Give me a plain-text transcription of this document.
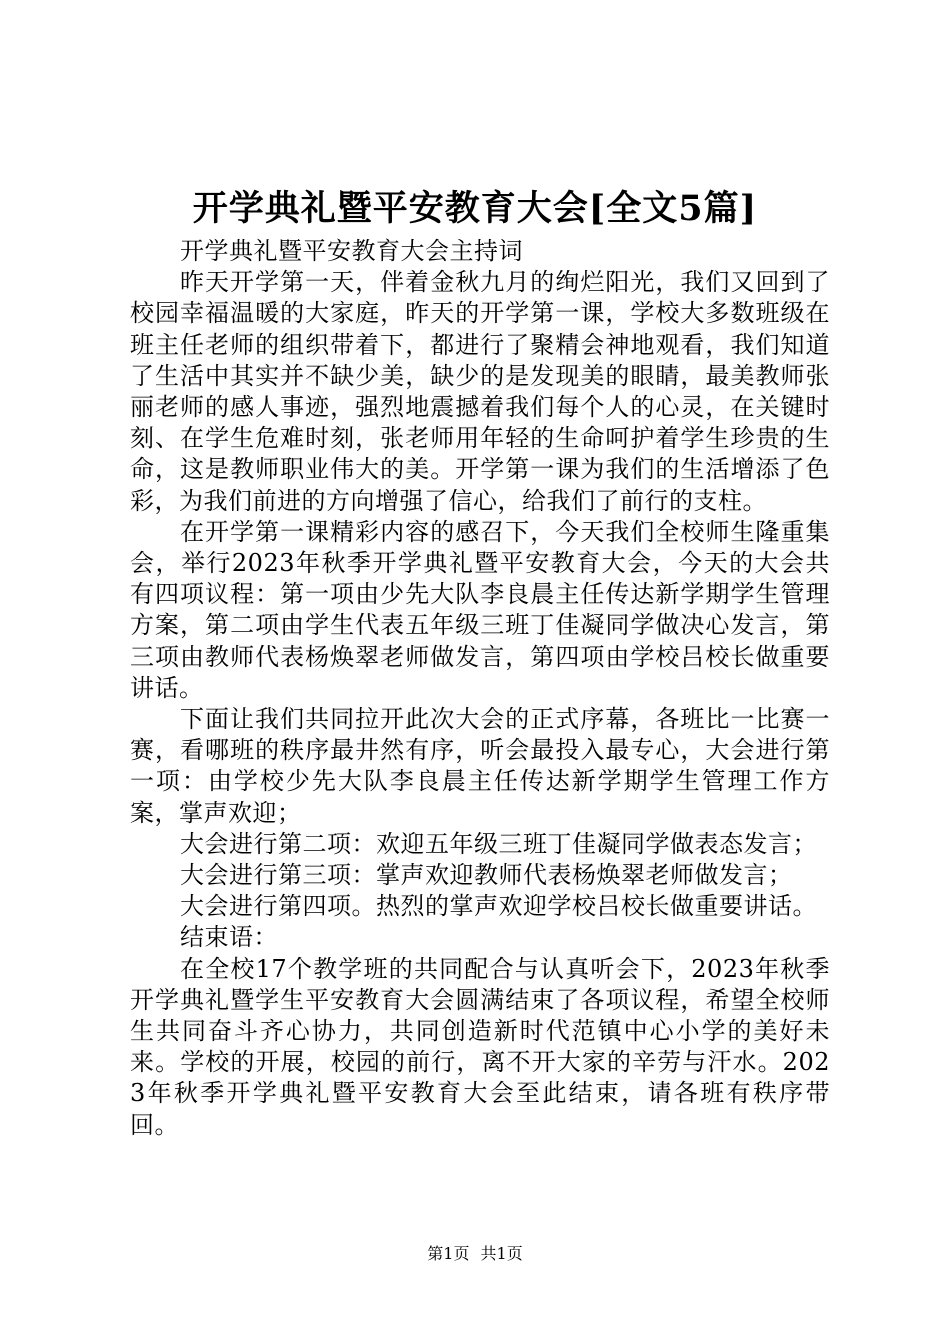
开学典礼暨平安教育大会[全文5篇]

开学典礼暨平安教育大会主持词

昨天开学第一天，伴着金秋九月的绚烂阳光，我们又回到了校园幸福温暖的大家庭，昨天的开学第一课，学校大多数班级在班主任老师的组织带着下，都进行了聚精会神地观看，我们知道了生活中其实并不缺少美，缺少的是发现美的眼睛，最美教师张丽老师的感人事迹，强烈地震撼着我们每个人的心灵，在关键时刻、在学生危难时刻，张老师用年轻的生命呵护着学生珍贵的生命，这是教师职业伟大的美。开学第一课为我们的生活增添了色彩，为我们前进的方向增强了信心，给我们了前行的支柱。

在开学第一课精彩内容的感召下，今天我们全校师生隆重集会，举行2023年秋季开学典礼暨平安教育大会，今天的大会共有四项议程：第一项由少先大队李良晨主任传达新学期学生管理方案，第二项由学生代表五年级三班丁佳凝同学做决心发言，第三项由教师代表杨焕翠老师做发言，第四项由学校吕校长做重要讲话。

下面让我们共同拉开此次大会的正式序幕，各班比一比赛一赛，看哪班的秩序最井然有序，听会最投入最专心，大会进行第一项：由学校少先大队李良晨主任传达新学期学生管理工作方案，掌声欢迎；

大会进行第二项：欢迎五年级三班丁佳凝同学做表态发言；

大会进行第三项：掌声欢迎教师代表杨焕翠老师做发言；

大会进行第四项。热烈的掌声欢迎学校吕校长做重要讲话。

结束语：

在全校17个教学班的共同配合与认真听会下，2023年秋季开学典礼暨学生平安教育大会圆满结束了各项议程，希望全校师生共同奋斗齐心协力，共同创造新时代范镇中心小学的美好未来。学校的开展，校园的前行，离不开大家的辛劳与汗水。2023年秋季开学典礼暨平安教育大会至此结束，请各班有秩序带回。

第1页 共1页
